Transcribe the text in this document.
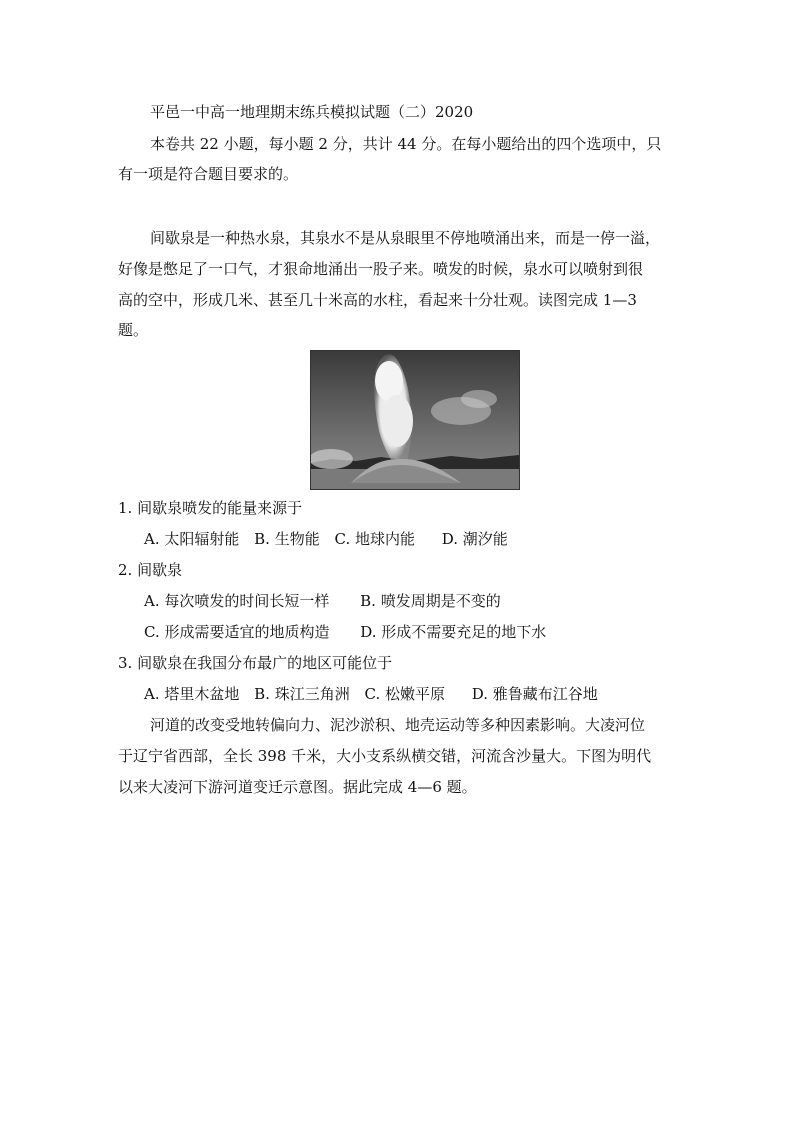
平邑一中高一地理期末练兵模拟试题（二）2020
本卷共 22 小题，每小题 2 分，共计 44 分。在每小题给出的四个选项中，只
有一项是符合题目要求的。
间歇泉是一种热水泉，其泉水不是从泉眼里不停地喷涌出来，而是一停一溢，
好像是憋足了一口气，才狠命地涌出一股子来。喷发的时候，泉水可以喷射到很
高的空中，形成几米、甚至几十米高的水柱，看起来十分壮观。读图完成 1—3
题。
1. 间歇泉喷发的能量来源于
A. 太阳辐射能 B. 生物能 C. 地球内能 D. 潮汐能
2. 间歇泉
A. 每次喷发的时间长短一样 B. 喷发周期是不变的
C. 形成需要适宜的地质构造 D. 形成不需要充足的地下水
3. 间歇泉在我国分布最广的地区可能位于
A. 塔里木盆地 B. 珠江三角洲 C. 松嫩平原 D. 雅鲁藏布江谷地
河道的改变受地转偏向力、泥沙淤积、地壳运动等多种因素影响。大凌河位
于辽宁省西部，全长 398 千米，大小支系纵横交错，河流含沙量大。下图为明代
以来大凌河下游河道变迁示意图。据此完成 4—6 题。
